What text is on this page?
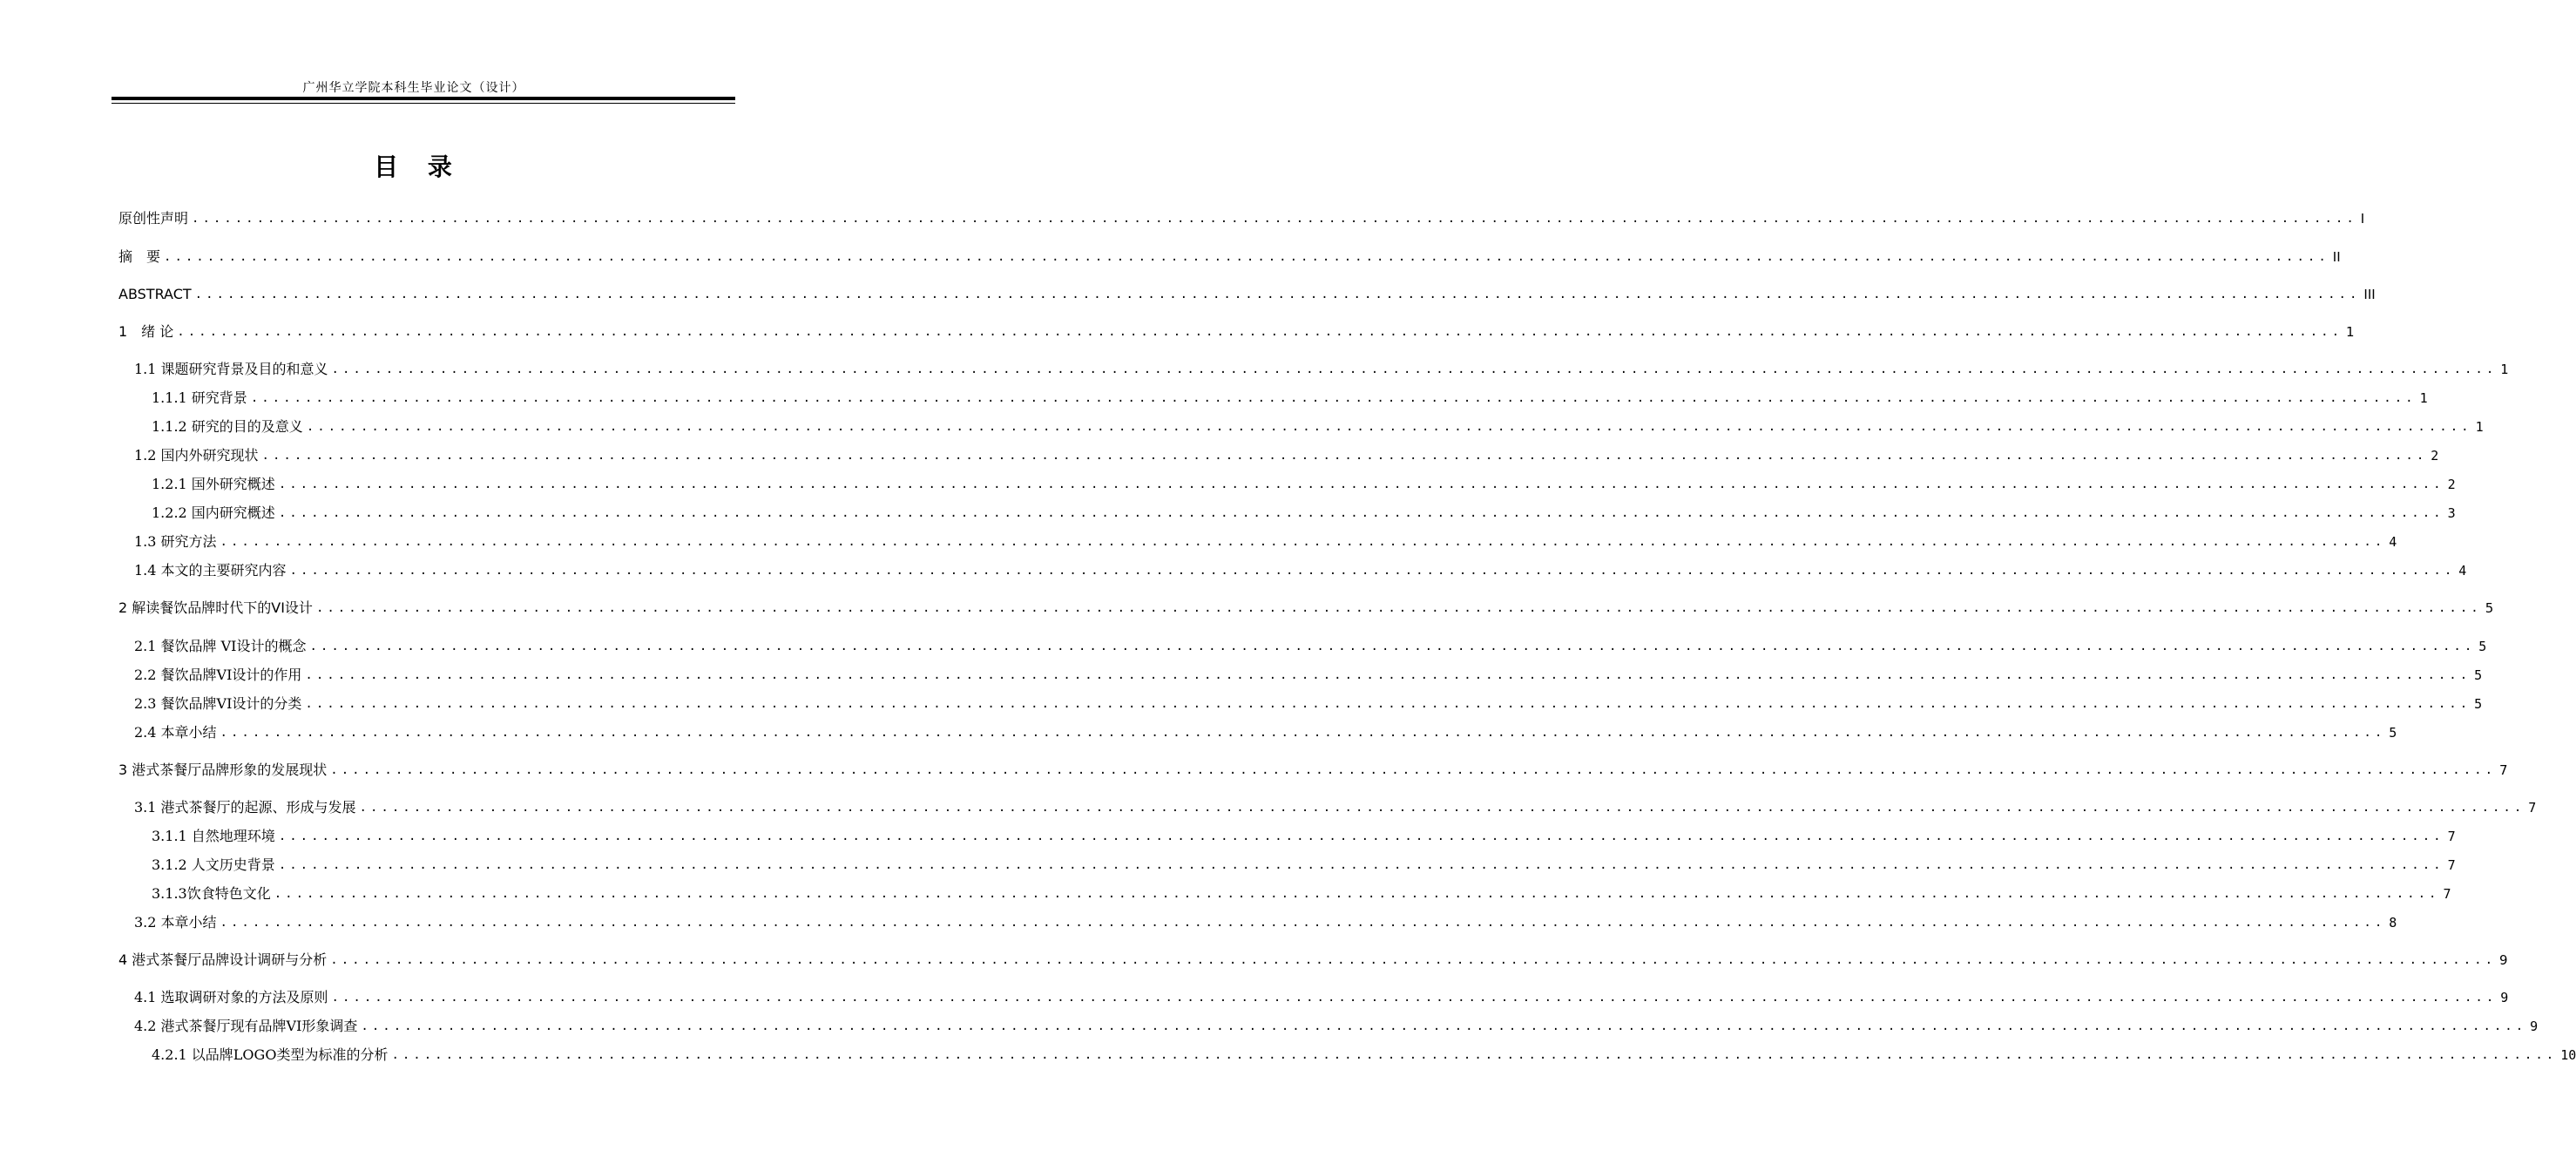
广州华立学院本科生毕业论文（设计）
目 录
原创性声明 ........................................................................................................................................................................................................ I
摘　要 ........................................................................................................................................................................................................ II
ABSTRACT ........................................................................................................................................................................................................ III
1　绪 论 ........................................................................................................................................................................................................ 1
1.1 课题研究背景及目的和意义 ........................................................................................................................................................................................................ 1
1.1.1 研究背景 ........................................................................................................................................................................................................ 1
1.1.2 研究的目的及意义 ........................................................................................................................................................................................................ 1
1.2 国内外研究现状 ........................................................................................................................................................................................................ 2
1.2.1 国外研究概述 ........................................................................................................................................................................................................ 2
1.2.2 国内研究概述 ........................................................................................................................................................................................................ 3
1.3 研究方法 ........................................................................................................................................................................................................ 4
1.4 本文的主要研究内容 ........................................................................................................................................................................................................ 4
2 解读餐饮品牌时代下的VI设计 ........................................................................................................................................................................................................ 5
2.1 餐饮品牌 VI设计的概念 ........................................................................................................................................................................................................ 5
2.2 餐饮品牌VI设计的作用 ........................................................................................................................................................................................................ 5
2.3 餐饮品牌VI设计的分类 ........................................................................................................................................................................................................ 5
2.4 本章小结 ........................................................................................................................................................................................................ 5
3 港式茶餐厅品牌形象的发展现状 ........................................................................................................................................................................................................ 7
3.1 港式茶餐厅的起源、形成与发展 ........................................................................................................................................................................................................ 7
3.1.1 自然地理环境 ........................................................................................................................................................................................................ 7
3.1.2 人文历史背景 ........................................................................................................................................................................................................ 7
3.1.3饮食特色文化 ........................................................................................................................................................................................................ 7
3.2 本章小结 ........................................................................................................................................................................................................ 8
4 港式茶餐厅品牌设计调研与分析 ........................................................................................................................................................................................................ 9
4.1 选取调研对象的方法及原则 ........................................................................................................................................................................................................ 9
4.2 港式茶餐厅现有品牌VI形象调查 ........................................................................................................................................................................................................ 9
4.2.1 以品牌LOGO类型为标准的分析 ........................................................................................................................................................................................................ 10
